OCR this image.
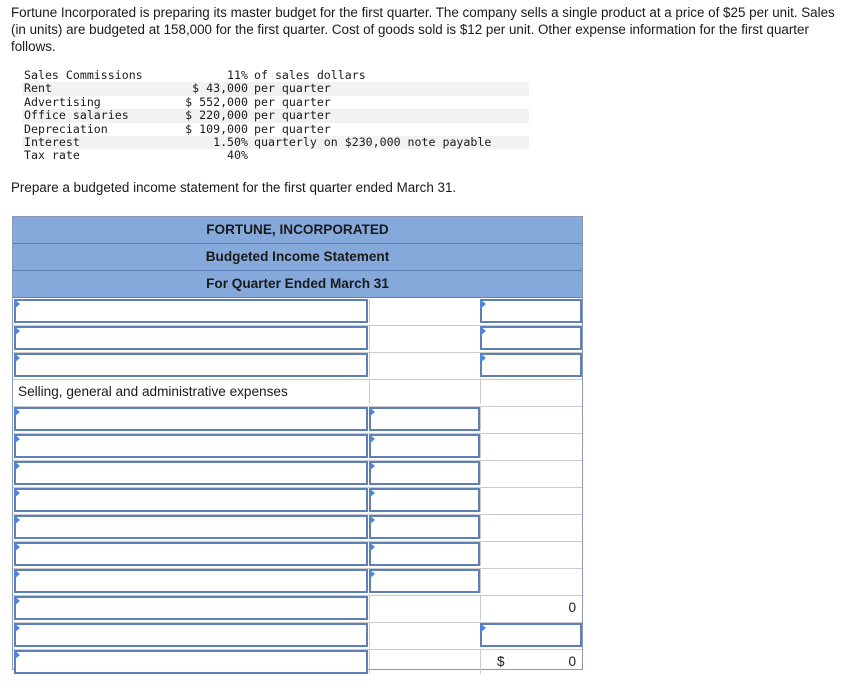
Fortune Incorporated is preparing its master budget for the first quarter. The company sells a single product at a price of $25 per unit. Sales (in units) are budgeted at 158,000 for the first quarter. Cost of goods sold is $12 per unit. Other expense information for the first quarter follows.

Sales Commissions	11%	of sales dollars
Rent	$ 43,000	per quarter
Advertising	$ 552,000	per quarter
Office salaries	$ 220,000	per quarter
Depreciation	$ 109,000	per quarter
Interest	1.50%	quarterly on $230,000 note payable
Tax rate	40%	

Prepare a budgeted income statement for the first quarter ended March 31.

FORTUNE, INCORPORATED
Budgeted Income Statement
For Quarter Ended March 31
Selling, general and administrative expenses
0
$	0
